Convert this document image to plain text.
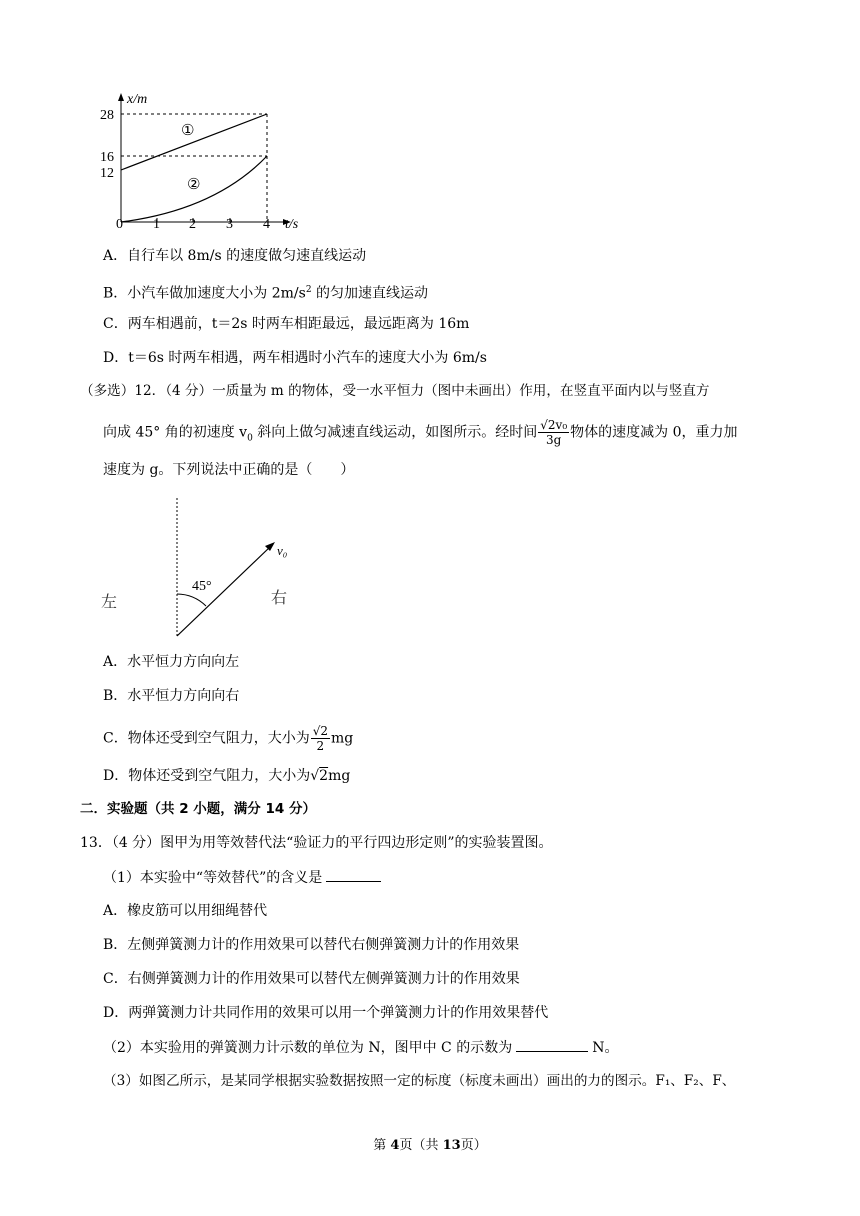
x/m
28
16
12
0 1 2 3 4 t/s
①
②
A．自行车以 8m/s 的速度做匀速直线运动
B．小汽车做加速度大小为 $2m/s^2$ 的匀加速直线运动
C．两车相遇前，t＝2s 时两车相距最远，最远距离为 16m
D．t＝6s 时两车相遇，两车相遇时小汽车的速度大小为 6m/s
（多选）12．（4 分）一质量为 m 的物体，受一水平恒力（图中未画出）作用，在竖直平面内以与竖直方
向成 45° 角的初速度 $v_0$ 斜向上做匀减速直线运动，如图所示。经时间 $\frac{\text{√2v₀}}{3g}$ 物体的速度减为 0，重力加
速度为 g。下列说法中正确的是（　　）
45°
v₀
左	右
A．水平恒力方向向左
B．水平恒力方向向右
C．物体还受到空气阻力，大小为 $\frac{√2}{2}$ mg
D．物体还受到空气阻力，大小为√2mg
二．实验题（共 2 小题，满分 14 分）
13．（4 分）图甲为用等效替代法“验证力的平行四边形定则”的实验装置图。
（1）本实验中“等效替代”的含义是
A．橡皮筋可以用细绳替代
B．左侧弹簧测力计的作用效果可以替代右侧弹簧测力计的作用效果
C．右侧弹簧测力计的作用效果可以替代左侧弹簧测力计的作用效果
D．两弹簧测力计共同作用的效果可以用一个弹簧测力计的作用效果替代
（2）本实验用的弹簧测力计示数的单位为 N，图甲中 C 的示数为	N。
（3）如图乙所示，是某同学根据实验数据按照一定的标度（标度未画出）画出的力的图示。F₁、F₂、F、
第 4页（共 13页）
